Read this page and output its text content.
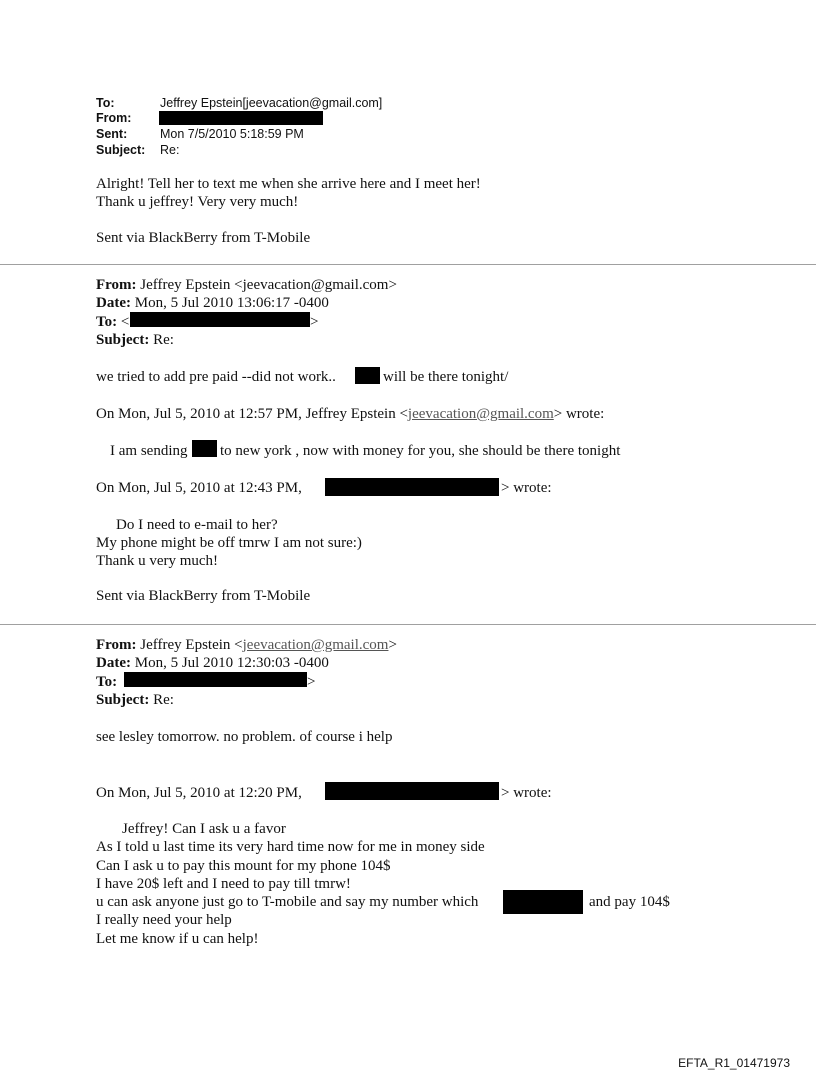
To:	Jeffrey Epstein[jeevacation@gmail.com]
From:
Sent:	Mon 7/5/2010 5:18:59 PM
Subject: Re:
Alright! Tell her to text me when she arrive here and I meet her!
Thank u jeffrey! Very very much!
Sent via BlackBerry from T-Mobile
From: Jeffrey Epstein <jeevacation@gmail.com>
Date: Mon, 5 Jul 2010 13:06:17 -0400
To: <	>
Subject: Re:
we tried to add pre paid --did not work..	will be there tonight/
On Mon, Jul 5, 2010 at 12:57 PM, Jeffrey Epstein <jeevacation@gmail.com> wrote:
I am sending to new york , now with money for you, she should be there tonight
On Mon, Jul 5, 2010 at 12:43 PM,	> wrote:
Do I need to e-mail to her?
My phone might be off tmrw I am not sure:)
Thank u very much!
Sent via BlackBerry from T-Mobile
From: Jeffrey Epstein <jeevacation@gmail.com>
Date: Mon, 5 Jul 2010 12:30:03 -0400
To:	>
Subject: Re:
see lesley tomorrow. no problem. of course i help
On Mon, Jul 5, 2010 at 12:20 PM,	> wrote:
Jeffrey! Can I ask u a favor
As I told u last time its very hard time now for me in money side
Can I ask u to pay this mount for my phone 104$
I have 20$ left and I need to pay till tmrw!
u can ask anyone just go to T-mobile and say my number which	and pay 104$
I really need your help
Let me know if u can help!
EFTA_R1_01471973
